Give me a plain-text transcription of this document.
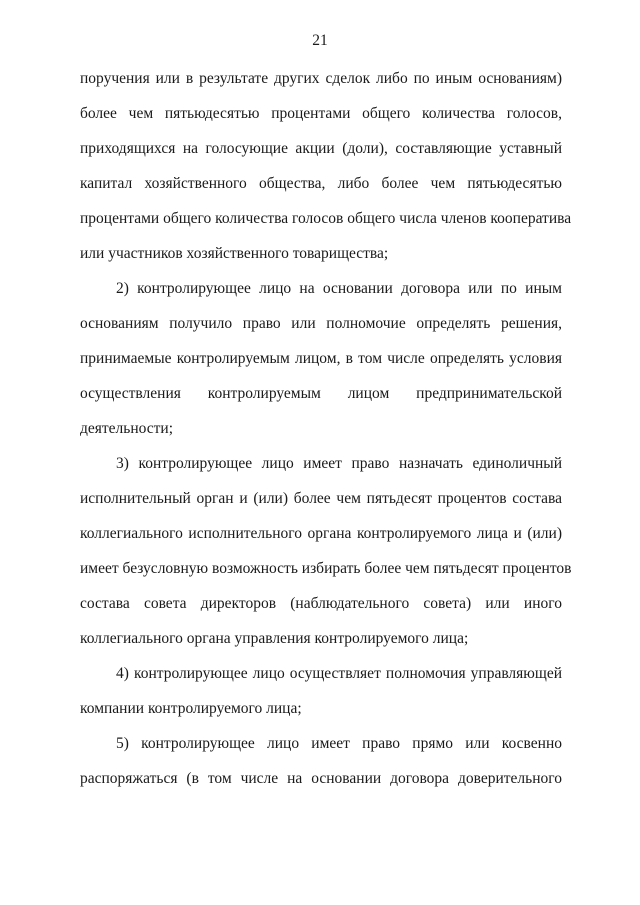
21
поручения или в результате других сделок либо по иным основаниям)
более чем пятьюдесятью процентами общего количества голосов,
приходящихся на голосующие акции (доли), составляющие уставный
капитал хозяйственного общества, либо более чем пятьюдесятью
процентами общего количества голосов общего числа членов кооператива
или участников хозяйственного товарищества;
2) контролирующее лицо на основании договора или по иным
основаниям получило право или полномочие определять решения,
принимаемые контролируемым лицом, в том числе определять условия
осуществления контролируемым лицом предпринимательской
деятельности;
3) контролирующее лицо имеет право назначать единоличный
исполнительный орган и (или) более чем пятьдесят процентов состава
коллегиального исполнительного органа контролируемого лица и (или)
имеет безусловную возможность избирать более чем пятьдесят процентов
состава совета директоров (наблюдательного совета) или иного
коллегиального органа управления контролируемого лица;
4) контролирующее лицо осуществляет полномочия управляющей
компании контролируемого лица;
5) контролирующее лицо имеет право прямо или косвенно
распоряжаться (в том числе на основании договора доверительного
